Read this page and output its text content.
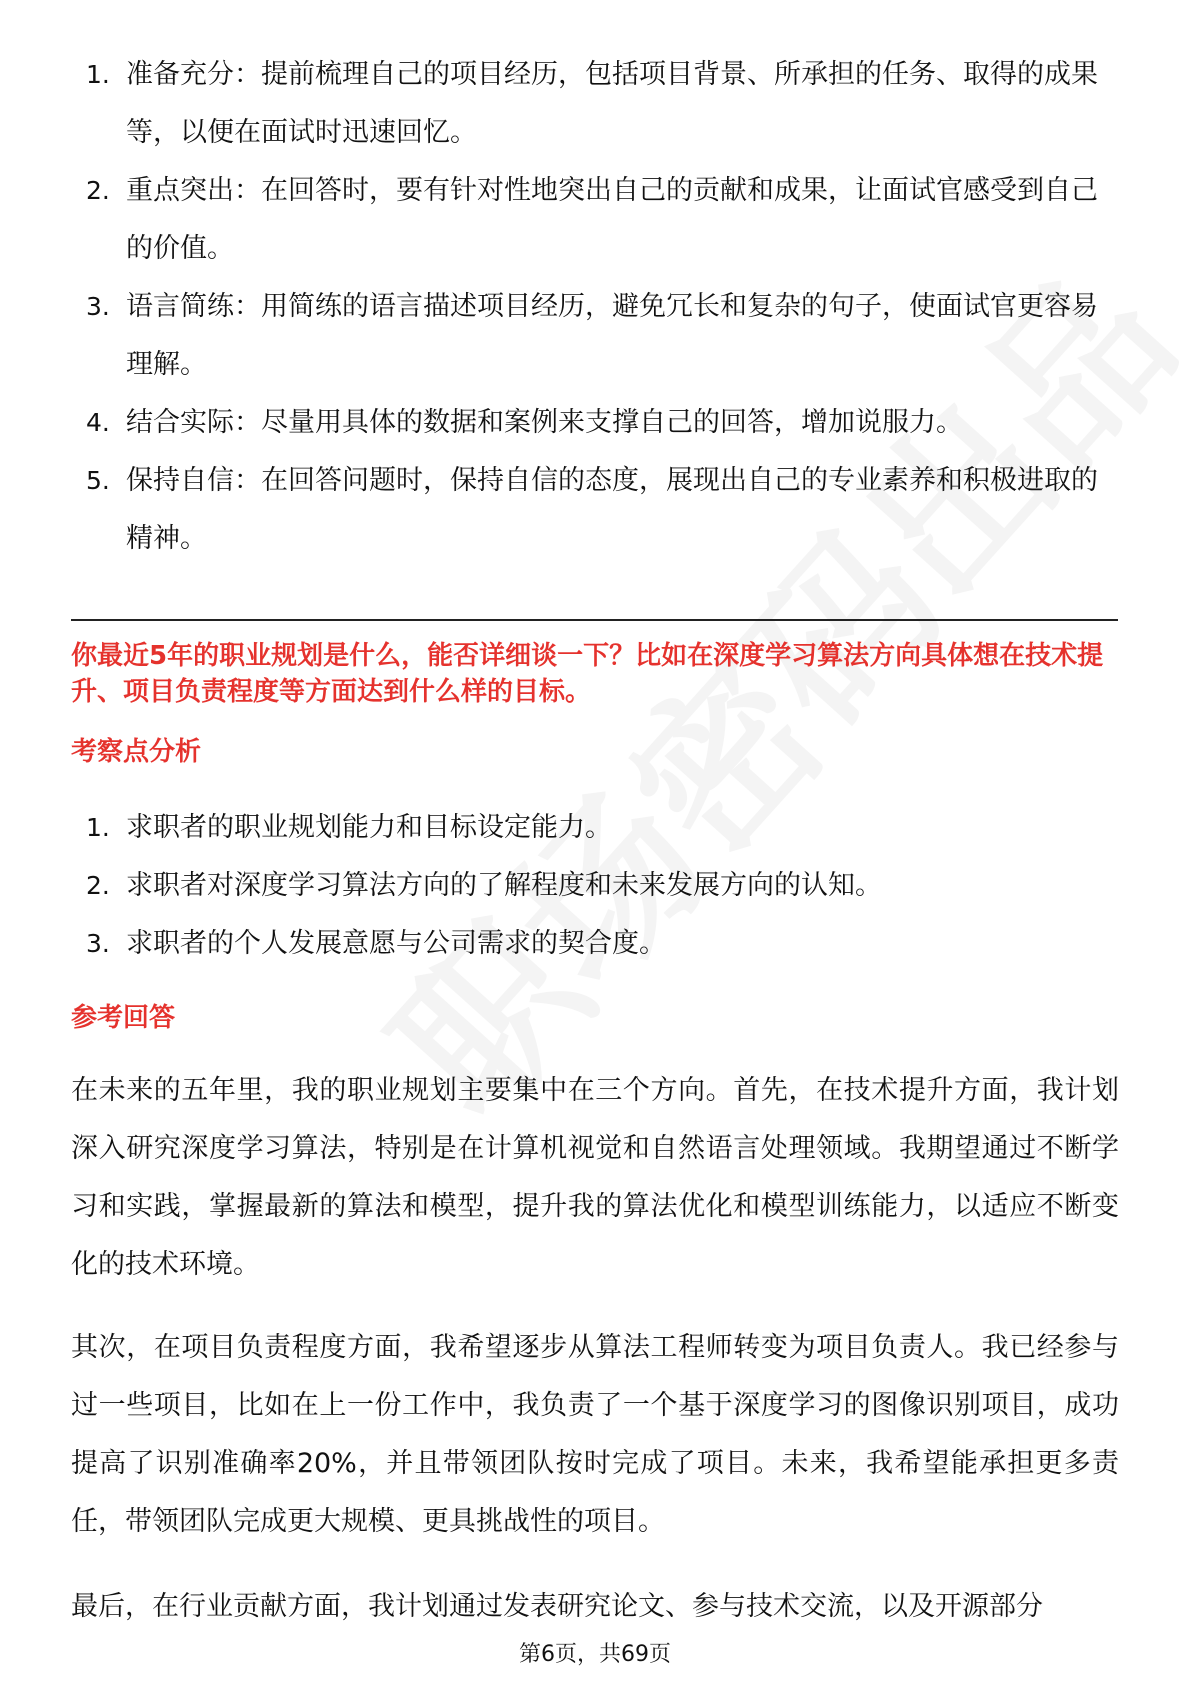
1. 准备充分：提前梳理自己的项目经历，包括项目背景、所承担的任务、取得的成果等，以便在面试时迅速回忆。
2. 重点突出：在回答时，要有针对性地突出自己的贡献和成果，让面试官感受到自己的价值。
3. 语言简练：用简练的语言描述项目经历，避免冗长和复杂的句子，使面试官更容易理解。
4. 结合实际：尽量用具体的数据和案例来支撑自己的回答，增加说服力。
5. 保持自信：在回答问题时，保持自信的态度，展现出自己的专业素养和积极进取的精神。
你最近5年的职业规划是什么，能否详细谈一下？比如在深度学习算法方向具体想在技术提升、项目负责程度等方面达到什么样的目标。
考察点分析
1. 求职者的职业规划能力和目标设定能力。
2. 求职者对深度学习算法方向的了解程度和未来发展方向的认知。
3. 求职者的个人发展意愿与公司需求的契合度。
参考回答
在未来的五年里，我的职业规划主要集中在三个方向。首先，在技术提升方面，我计划深入研究深度学习算法，特别是在计算机视觉和自然语言处理领域。我期望通过不断学习和实践，掌握最新的算法和模型，提升我的算法优化和模型训练能力，以适应不断变化的技术环境。
其次，在项目负责程度方面，我希望逐步从算法工程师转变为项目负责人。我已经参与过一些项目，比如在上一份工作中，我负责了一个基于深度学习的图像识别项目，成功提高了识别准确率20%，并且带领团队按时完成了项目。未来，我希望能承担更多责任，带领团队完成更大规模、更具挑战性的项目。
最后，在行业贡献方面，我计划通过发表研究论文、参与技术交流，以及开源部分
第6页，共69页
